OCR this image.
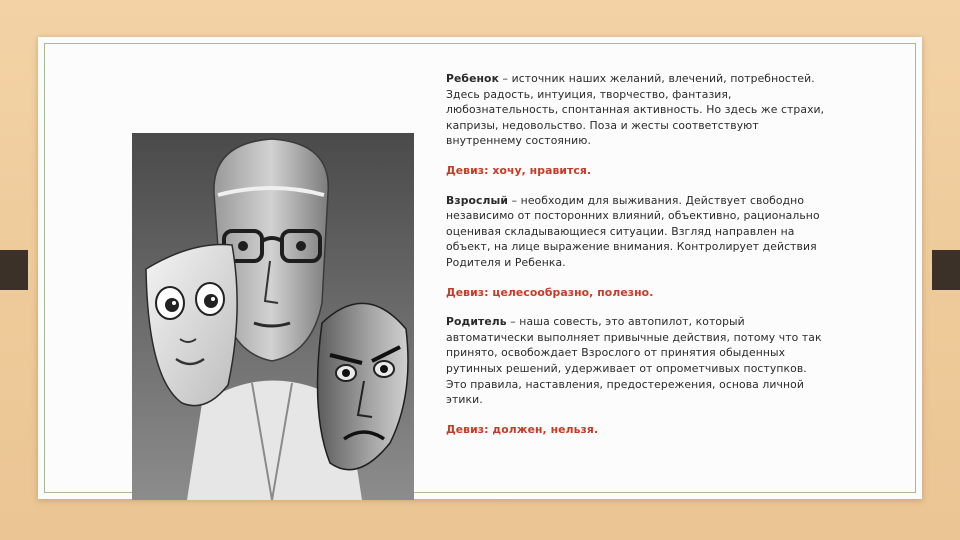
Ребенок – источник наших желаний, влечений, потребностей. Здесь радость, интуиция, творчество, фантазия, любознательность, спонтанная активность. Но здесь же страхи, капризы, недовольство. Поза и жесты соответствуют внутреннему состоянию.

Девиз: хочу, нравится.

Взрослый – необходим для выживания. Действует свободно независимо от посторонних влияний, объективно, рационально оценивая складывающиеся ситуации. Взгляд направлен на объект, на лице выражение внимания. Контролирует действия Родителя и Ребенка.

Девиз: целесообразно, полезно.

Родитель – наша совесть, это автопилот, который автоматически выполняет привычные действия, потому что так принято, освобождает Взрослого от принятия обыденных рутинных решений, удерживает от опрометчивых поступков. Это правила, наставления, предостережения, основа личной этики.

Девиз: должен, нельзя.
